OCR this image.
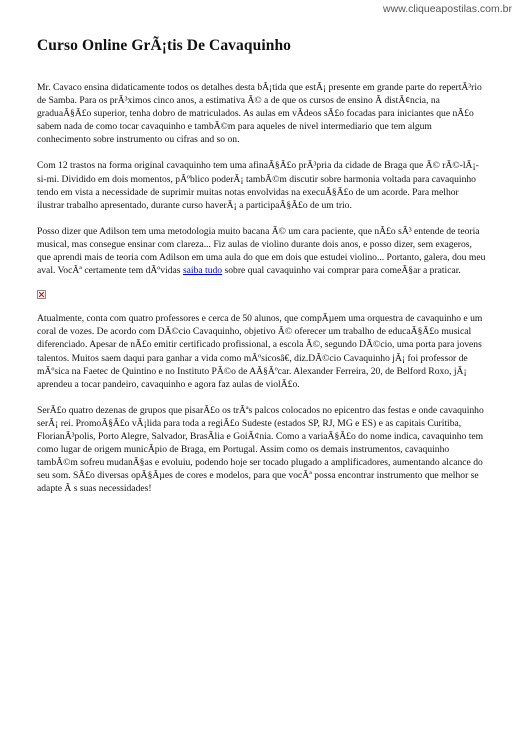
www.cliqueapostilas.com.br
Curso Online GrÃ¡tis De Cavaquinho

Mr. Cavaco ensina didaticamente todos os detalhes desta bÃ¡tida que estÃ¡ presente em grande parte do repertÃ³rio de Samba. Para os prÃ³ximos cinco anos, a estimativa Ã© a de que os cursos de ensino Ã distÃ¢ncia, na graduaÃ§Ã£o superior, tenha dobro de matriculados. As aulas em vÃdeos sÃ£o focadas para iniciantes que nÃ£o sabem nada de como tocar cavaquinho e tambÃ©m para aqueles de nivel intermediario que tem algum conhecimento sobre instrumento ou cifras and so on.

Com 12 trastos na forma original cavaquinho tem uma afinaÃ§Ã£o prÃ³pria da cidade de Braga que Ã© rÃ©-lÃ¡-si-mi. Dividido em dois momentos, pÃºblico poderÃ¡ tambÃ©m discutir sobre harmonia voltada para cavaquinho tendo em vista a necessidade de suprimir muitas notas envolvidas na execuÃ§Ã£o de um acorde. Para melhor ilustrar trabalho apresentado, durante curso haverÃ¡ a participaÃ§Ã£o de um trio.

Posso dizer que Adilson tem uma metodologia muito bacana Ã© um cara paciente, que nÃ£o sÃ³ entende de teoria musical, mas consegue ensinar com clareza... Fiz aulas de violino durante dois anos, e posso dizer, sem exageros, que aprendi mais de teoria com Adilson em uma aula do que em dois que estudei violino... Portanto, galera, dou meu aval. VocÃª certamente tem dÃºvidas saiba tudo sobre qual cavaquinho vai comprar para comeÃ§ar a praticar.

Atualmente, conta com quatro professores e cerca de 50 alunos, que compÃµem uma orquestra de cavaquinho e um coral de vozes. De acordo com DÃ©cio Cavaquinho, objetivo Ã© oferecer um trabalho de educaÃ§Ã£o musical diferenciado. Apesar de nÃ£o emitir certificado profissional, a escola Ã©, segundo DÃ©cio, uma porta para jovens talentos. Muitos saem daqui para ganhar a vida como mÃºsicosâ€, diz.DÃ©cio Cavaquinho jÃ¡ foi professor de mÃºsica na Faetec de Quintino e no Instituto PÃ©o de AÃ§Ãºcar. Alexander Ferreira, 20, de Belford Roxo, jÃ¡ aprendeu a tocar pandeiro, cavaquinho e agora faz aulas de violÃ£o.

SerÃ£o quatro dezenas de grupos que pisarÃ£o os trÃªs palcos colocados no epicentro das festas e onde cavaquinho serÃ¡ rei. PromoÃ§Ã£o vÃ¡lida para toda a regiÃ£o Sudeste (estados SP, RJ, MG e ES) e as capitais Curitiba, FlorianÃ³polis, Porto Alegre, Salvador, BrasÃlia e GoiÃ¢nia. Como a variaÃ§Ã£o do nome indica, cavaquinho tem como lugar de origem municÃpio de Braga, em Portugal. Assim como os demais instrumentos, cavaquinho tambÃ©m sofreu mudanÃ§as e evoluiu, podendo hoje ser tocado plugado a amplificadores, aumentando alcance do seu som. SÃ£o diversas opÃ§Ãµes de cores e modelos, para que vocÃª possa encontrar instrumento que melhor se adapte Ã s suas necessidades!
